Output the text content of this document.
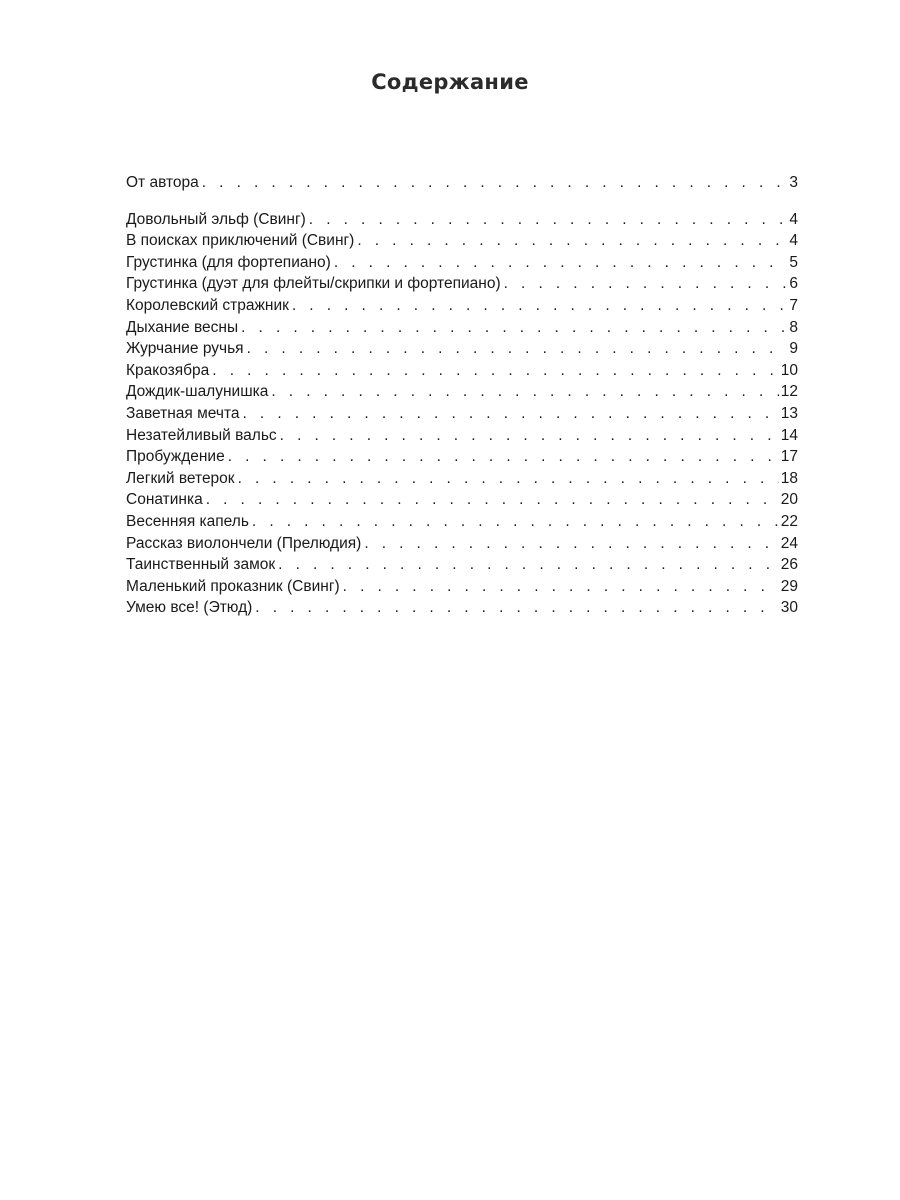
Содержание
От автора . . .	3
Довольный эльф (Свинг) . . .	4
В поисках приключений (Свинг) . . .	4
Грустинка (для фортепиано) . . .	5
Грустинка (дуэт для флейты/скрипки и фортепиано) . . .	6
Королевский стражник . . .	7
Дыхание весны . . .	8
Журчание ручья . . .	9
Кракозябра . . .	10
Дождик-шалунишка . . .	12
Заветная мечта . . .	13
Незатейливый вальс . . .	14
Пробуждение . . .	17
Легкий ветерок . . .	18
Сонатинка . . .	20
Весенняя капель . . .	22
Рассказ виолончели (Прелюдия) . . .	24
Таинственный замок . . .	26
Маленький проказник (Свинг) . . .	29
Умею все! (Этюд) . . .	30
